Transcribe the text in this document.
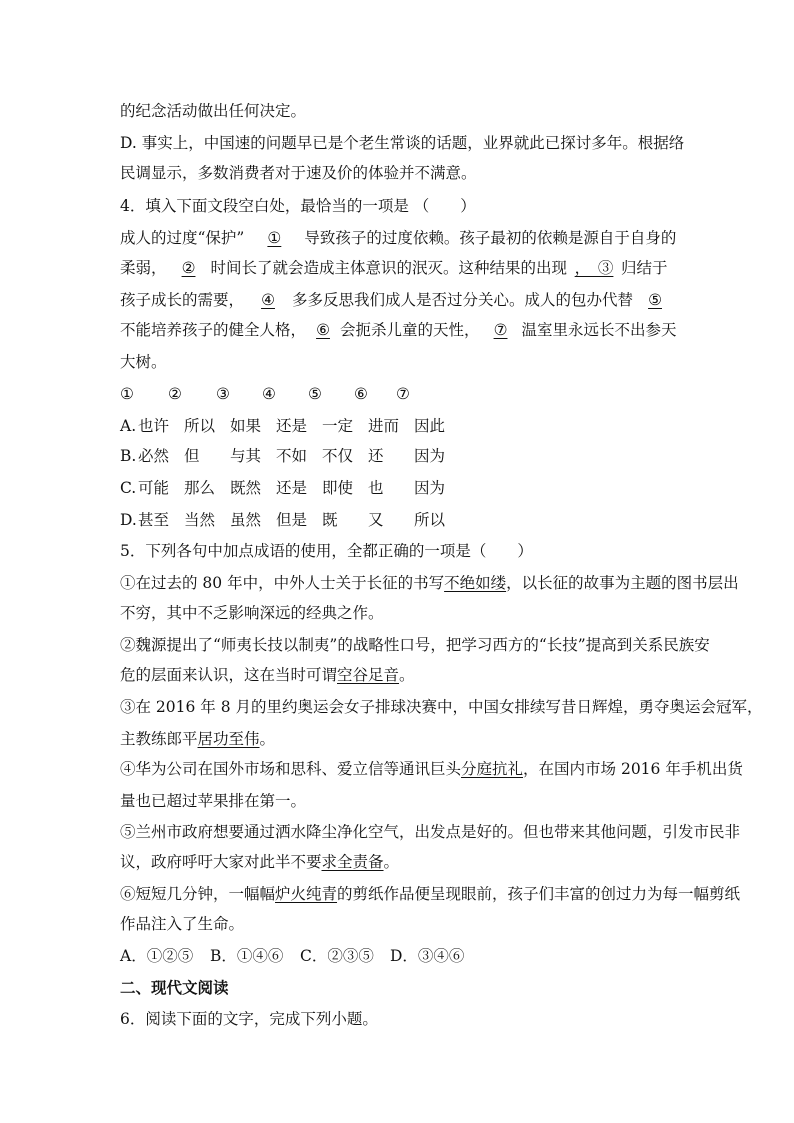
的纪念活动做出任何决定。
D. 事实上，中国速的问题早已是个老生常谈的话题，业界就此已探讨多年。根据络
民调显示，多数消费者对于速及价的体验并不满意。
4．填入下面文段空白处，最恰当的一项是 （　　）
成人的过度“保护” ① 导致孩子的过度依赖。孩子最初的依赖是源自于自身的
柔弱， ② 时间长了就会造成主体意识的泯灭。这种结果的出现 ，　③ 归结于
孩子成长的需要， ④ 多多反思我们成人是否过分关心。成人的包办代替 ⑤
不能培养孩子的健全人格， ⑥ 会扼杀儿童的天性， ⑦ 温室里永远长不出参天
大树。
① ② ③ ④ ⑤ ⑥ ⑦
A. 也许 所以 如果 还是 一定 进而 因此
B. 必然 但 与其 不如 不仅 还 因为
C. 可能 那么 既然 还是 即使 也 因为
D.甚至 当然 虽然 但是 既 又 所以
5．下列各句中加点成语的使用，全都正确的一项是（　　）
①在过去的 80 年中，中外人士关于长征的书写不绝如缕，以长征的故事为主题的图书层出
不穷，其中不乏影响深远的经典之作。
②魏源提出了“师夷长技以制夷”的战略性口号，把学习西方的“长技”提高到关系民族安
危的层面来认识，这在当时可谓空谷足音。
③在 2016 年 8 月的里约奥运会女子排球决赛中，中国女排续写昔日辉煌，勇夺奥运会冠军，
主教练郎平居功至伟。
④华为公司在国外市场和思科、爱立信等通讯巨头分庭抗礼，在国内市场 2016 年手机出货
量也已超过苹果排在第一。
⑤兰州市政府想要通过洒水降尘净化空气，出发点是好的。但也带来其他问题，引发市民非
议，政府呼吁大家对此半不要求全责备。
⑥短短几分钟，一幅幅炉火纯青的剪纸作品便呈现眼前，孩子们丰富的创过力为每一幅剪纸
作品注入了生命。
A．①②⑤ B．①④⑥ C．②③⑤ D．③④⑥
二、现代文阅读
6．阅读下面的文字，完成下列小题。
